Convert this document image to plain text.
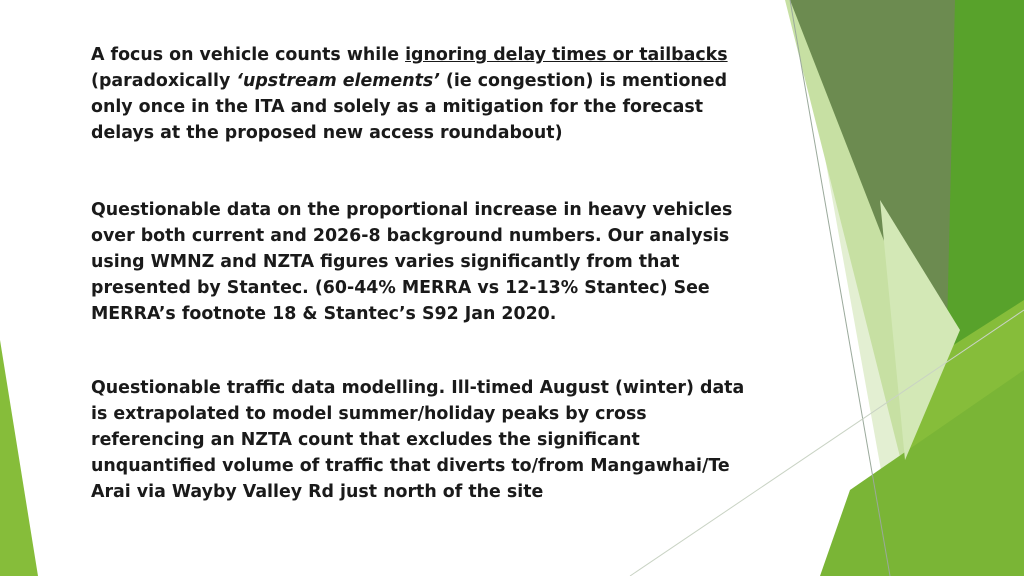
A focus on vehicle counts while ignoring delay times or tailbacks (paradoxically ‘upstream elements’ (ie congestion) is mentioned only once in the ITA and solely as a mitigation for the forecast delays at the proposed new access roundabout)

Questionable data on the proportional increase in heavy vehicles over both current and 2026-8 background numbers. Our analysis using WMNZ and NZTA figures varies significantly from that presented by Stantec. (60-44% MERRA vs 12-13% Stantec) See MERRA’s footnote 18 & Stantec’s S92 Jan 2020.

Questionable traffic data modelling. Ill-timed August (winter) data is extrapolated to model summer/holiday peaks by cross referencing an NZTA count that excludes the significant unquantified volume of traffic that diverts to/from Mangawhai/Te Arai via Wayby Valley Rd just north of the site
